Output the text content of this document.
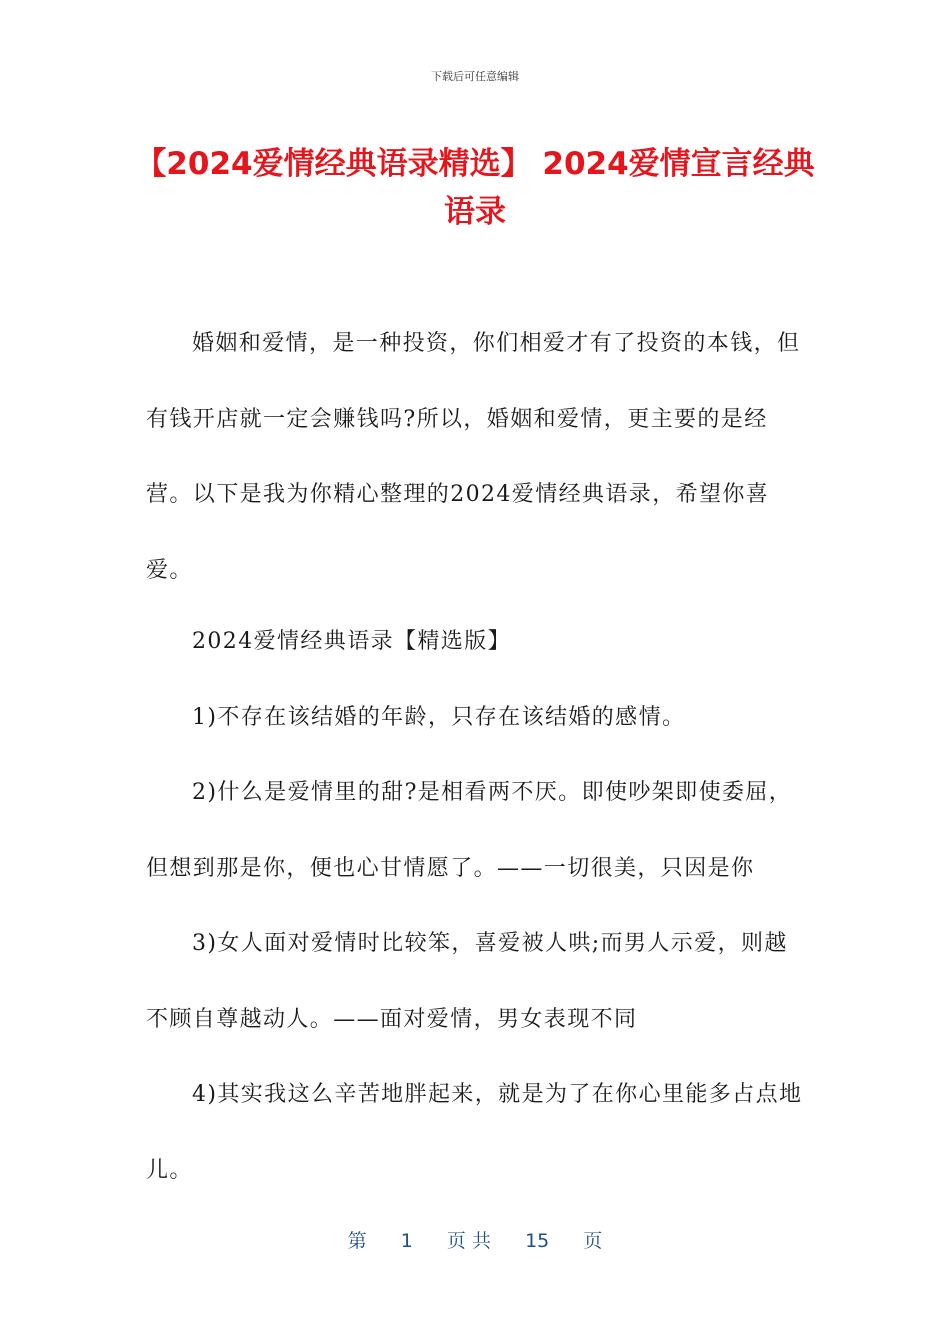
下载后可任意编辑
【2024爱情经典语录精选】 2024爱情宣言经典语录

婚姻和爱情，是一种投资，你们相爱才有了投资的本钱，但有钱开店就一定会赚钱吗?所以，婚姻和爱情，更主要的是经营。以下是我为你精心整理的2024爱情经典语录，希望你喜爱。

2024爱情经典语录【精选版】

1)不存在该结婚的年龄，只存在该结婚的感情。

2)什么是爱情里的甜?是相看两不厌。即使吵架即使委屈，但想到那是你，便也心甘情愿了。——一切很美，只因是你

3)女人面对爱情时比较笨，喜爱被人哄;而男人示爱，则越不顾自尊越动人。——面对爱情，男女表现不同

4)其实我这么辛苦地胖起来，就是为了在你心里能多占点地儿。

第 1 页 共 15 页
